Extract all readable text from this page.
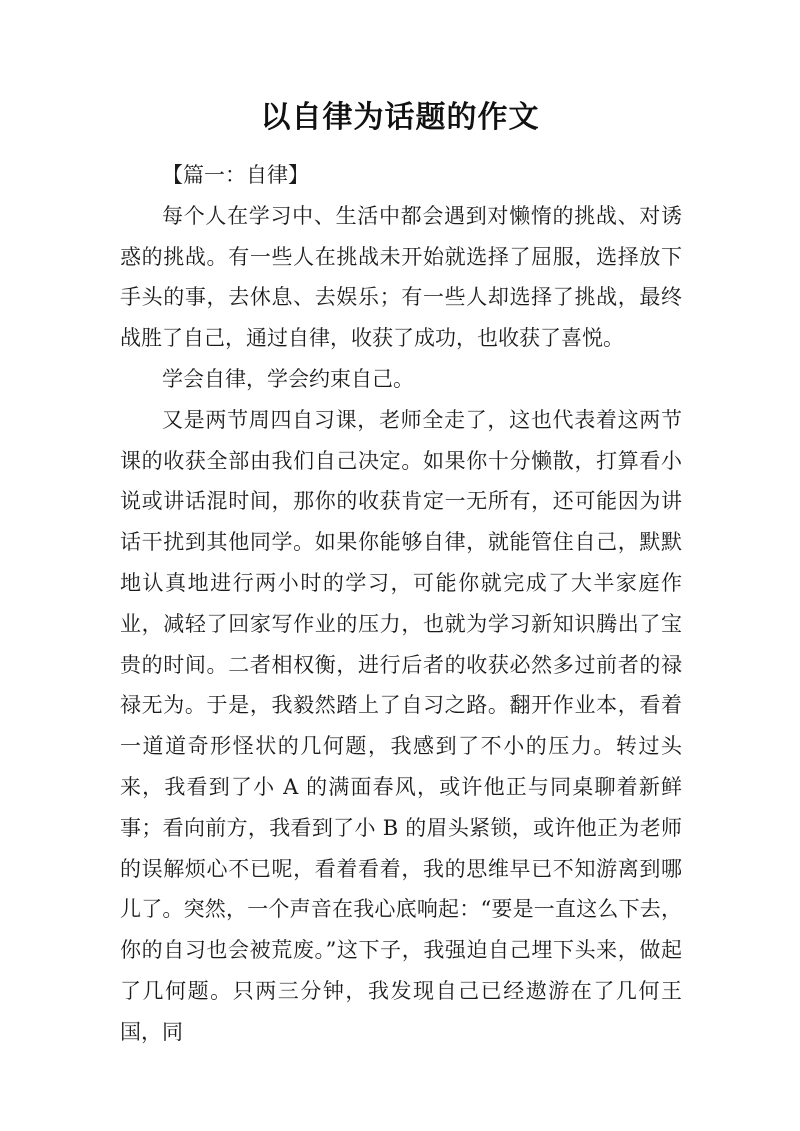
以自律为话题的作文

【篇一：自律】

每个人在学习中、生活中都会遇到对懒惰的挑战、对诱惑的挑战。有一些人在挑战未开始就选择了屈服，选择放下手头的事，去休息、去娱乐；有一些人却选择了挑战，最终战胜了自己，通过自律，收获了成功，也收获了喜悦。

学会自律，学会约束自己。

又是两节周四自习课，老师全走了，这也代表着这两节课的收获全部由我们自己决定。如果你十分懒散，打算看小说或讲话混时间，那你的收获肯定一无所有，还可能因为讲话干扰到其他同学。如果你能够自律，就能管住自己，默默地认真地进行两小时的学习，可能你就完成了大半家庭作业，减轻了回家写作业的压力，也就为学习新知识腾出了宝贵的时间。二者相权衡，进行后者的收获必然多过前者的禄禄无为。于是，我毅然踏上了自习之路。翻开作业本，看着一道道奇形怪状的几何题，我感到了不小的压力。转过头来，我看到了小 A 的满面春风，或许他正与同桌聊着新鲜事；看向前方，我看到了小 B 的眉头紧锁，或许他正为老师的误解烦心不已呢，看着看着，我的思维早已不知游离到哪儿了。突然，一个声音在我心底响起：“要是一直这么下去，你的自习也会被荒废。”这下子，我强迫自己埋下头来，做起了几何题。只两三分钟，我发现自己已经遨游在了几何王国，同
